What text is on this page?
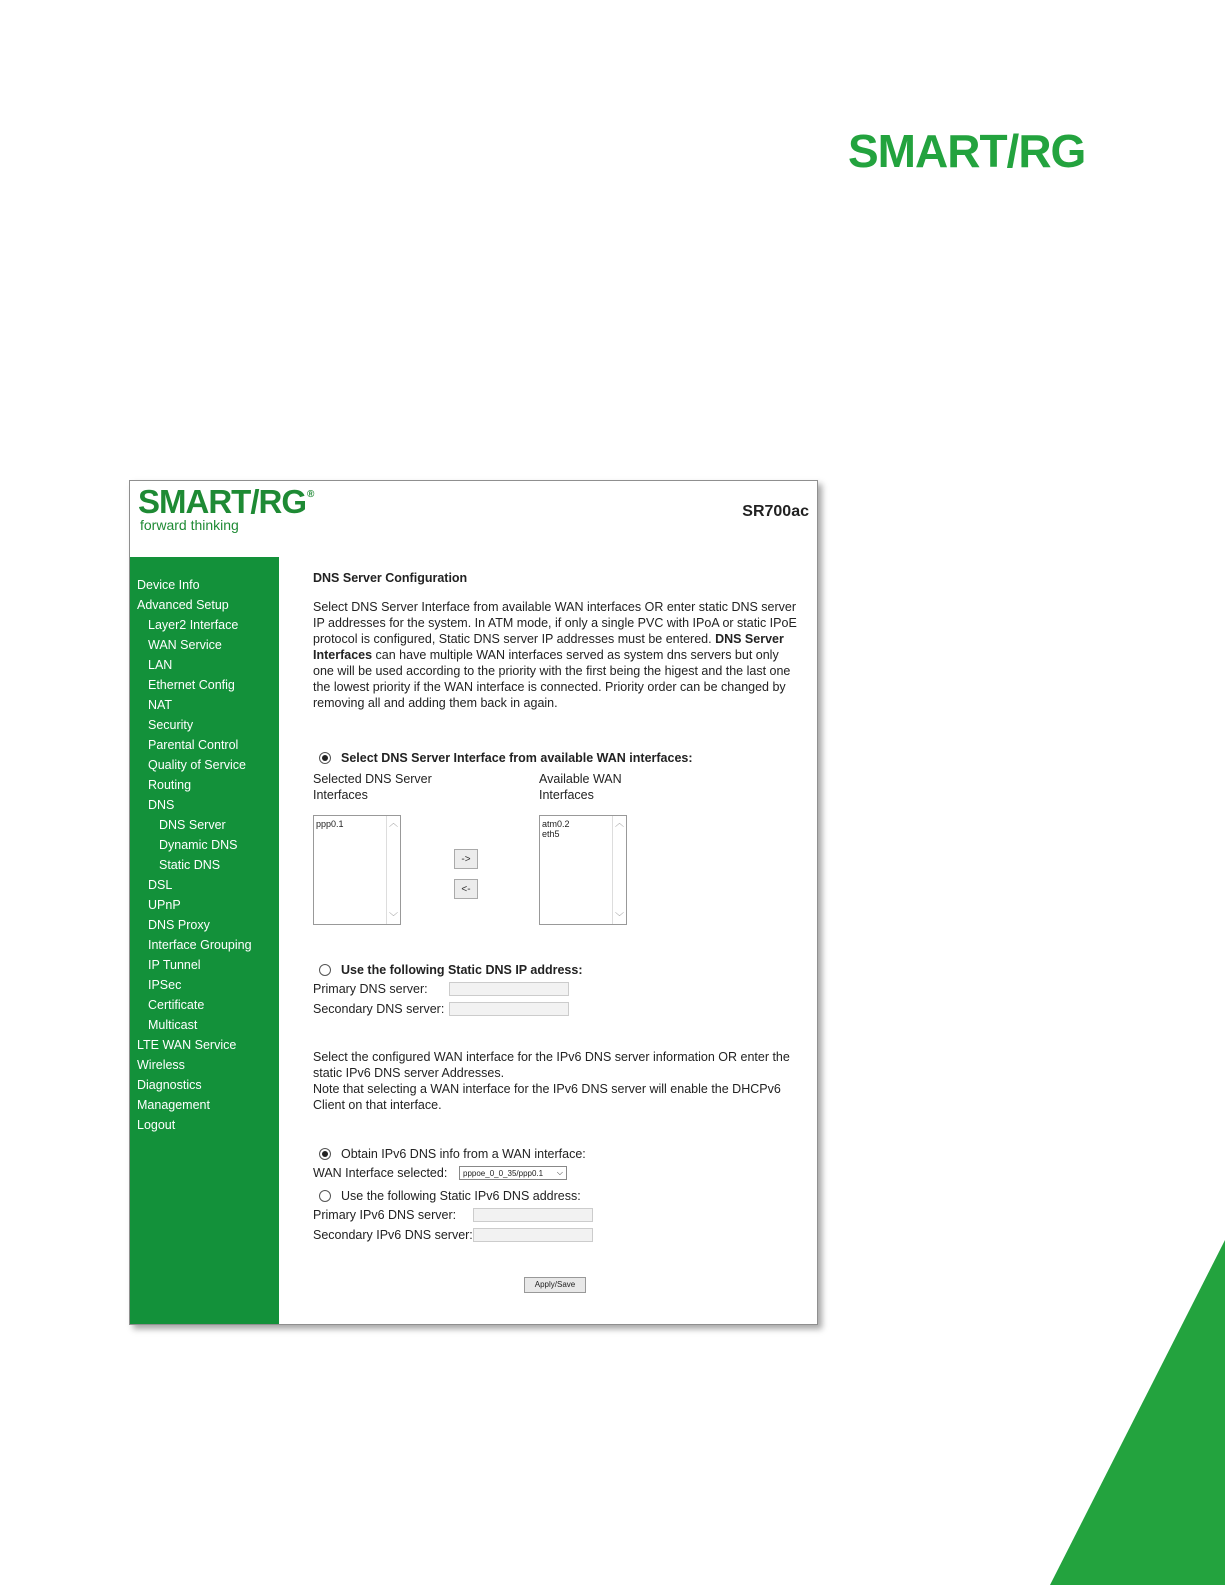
SMART/RG
SMART/RG®
forward thinking
SR700ac
Device Info
Advanced Setup
Layer2 Interface
WAN Service
LAN
Ethernet Config
NAT
Security
Parental Control
Quality of Service
Routing
DNS
DNS Server
Dynamic DNS
Static DNS
DSL
UPnP
DNS Proxy
Interface Grouping
IP Tunnel
IPSec
Certificate
Multicast
LTE WAN Service
Wireless
Diagnostics
Management
Logout
DNS Server Configuration
Select DNS Server Interface from available WAN interfaces OR enter static DNS server IP addresses for the system. In ATM mode, if only a single PVC with IPoA or static IPoE protocol is configured, Static DNS server IP addresses must be entered. DNS Server Interfaces can have multiple WAN interfaces served as system dns servers but only one will be used according to the priority with the first being the higest and the last one the lowest priority if the WAN interface is connected. Priority order can be changed by removing all and adding them back in again.
Select DNS Server Interface from available WAN interfaces:
Selected DNS Server
Interfaces
Available WAN
Interfaces
ppp0.1	︿
﹀
->
<-
atm0.2
eth5
︿
﹀
Use the following Static DNS IP address:
Primary DNS server:
Secondary DNS server:
Select the configured WAN interface for the IPv6 DNS server information OR enter the static IPv6 DNS server Addresses.
Note that selecting a WAN interface for the IPv6 DNS server will enable the DHCPv6 Client on that interface.
Obtain IPv6 DNS info from a WAN interface:
WAN Interface selected:	pppoe_0_0_35/ppp0.1 ⌵
Use the following Static IPv6 DNS address:
Primary IPv6 DNS server:
Secondary IPv6 DNS server:
Apply/Save
